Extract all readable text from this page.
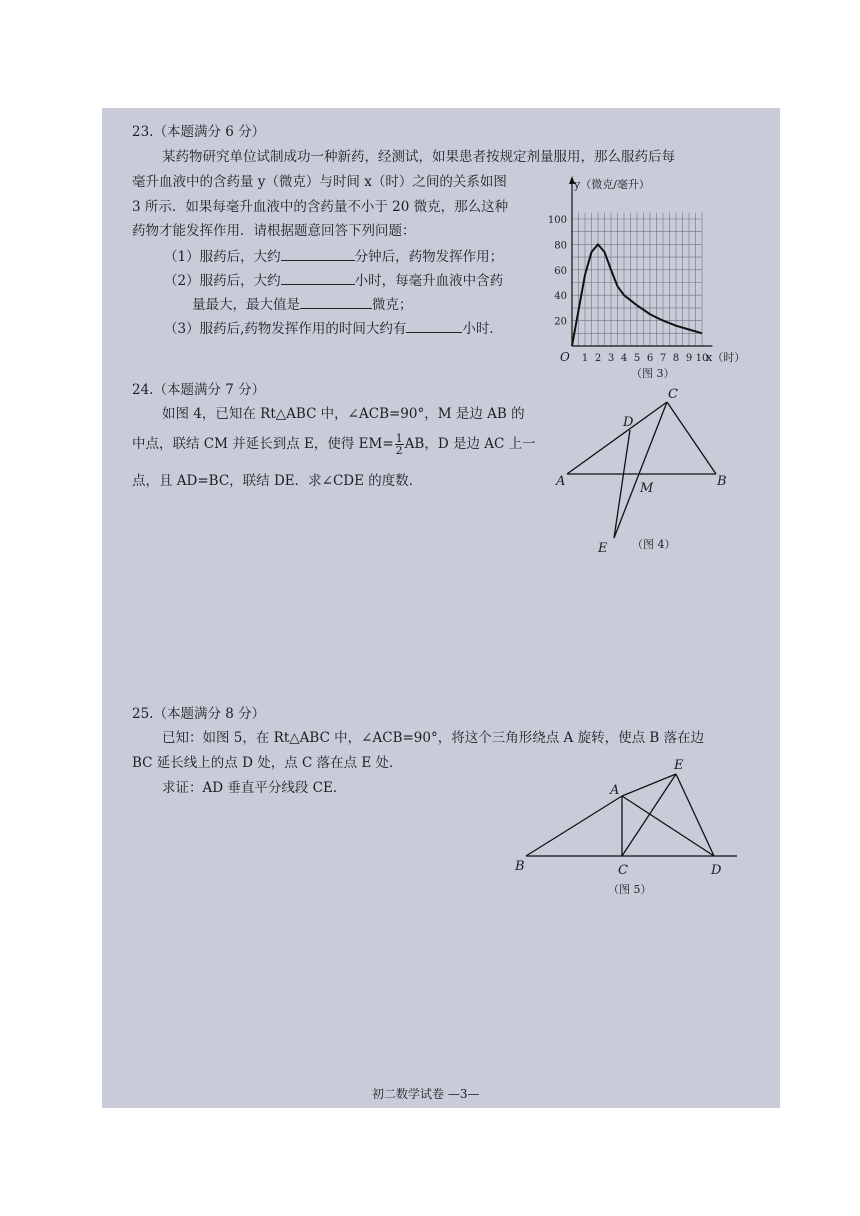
23.（本题满分 6 分）
某药物研究单位试制成功一种新药，经测试，如果患者按规定剂量服用，那么服药后每
毫升血液中的含药量 y（微克）与时间 x（时）之间的关系如图
3 所示．如果每毫升血液中的含药量不小于 20 微克，那么这种
药物才能发挥作用．请根据题意回答下列问题：
（1）服药后，大约	分钟后，药物发挥作用；
（2）服药后，大约	小时，每毫升血液中含药
量最大，最大值是	微克；
（3）服药后,药物发挥作用的时间大约有	小时．
y（微克/毫升）
x（时）
O
20
40
60
80
100
1 2 3 4 5 6 7 8 9 10
（图 3）
24.（本题满分 7 分）
如图 4，已知在 Rt△ABC 中，∠ACB=90°，M 是边 AB 的
中点，联结 CM 并延长到点 E，使得 $EM= \frac{1}{2}$ AB，D 是边 AC 上一
点，且 AD=BC，联结 DE．求∠CDE 的度数．
C
D
A	B
M
E （图 4）
25.（本题满分 8 分）
已知：如图 5，在 Rt△ABC 中，∠ACB=90°，将这个三角形绕点 A 旋转，使点 B 落在边
BC 延长线上的点 D 处，点 C 落在点 E 处．
求证：AD 垂直平分线段 CE．	A
E
B	C	D
（图 5）
初二数学试卷 —3—
